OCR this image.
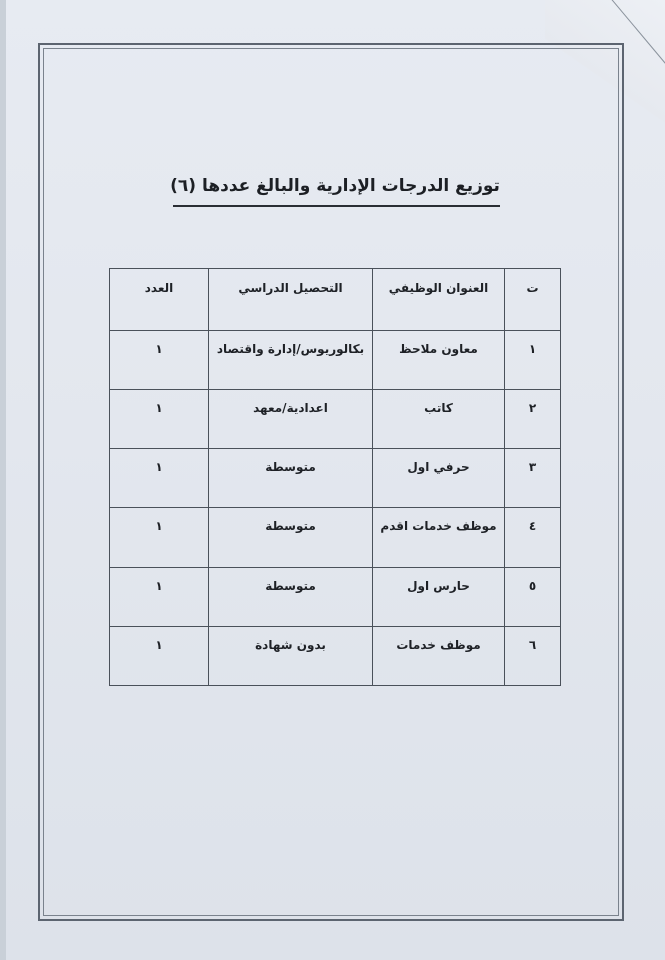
توزيع الدرجات الإدارية والبالغ عددها (٦)
ت	العنوان الوظيفي	التحصيل الدراسي	العدد
١	معاون ملاحظ	بكالوريوس/إدارة واقتصاد	١
٢	كاتب	اعدادية/معهد	١
٣	حرفي اول	متوسطة	١
٤	موظف خدمات اقدم	متوسطة	١
٥	حارس اول	متوسطة	١
٦	موظف خدمات	بدون شهادة	١
